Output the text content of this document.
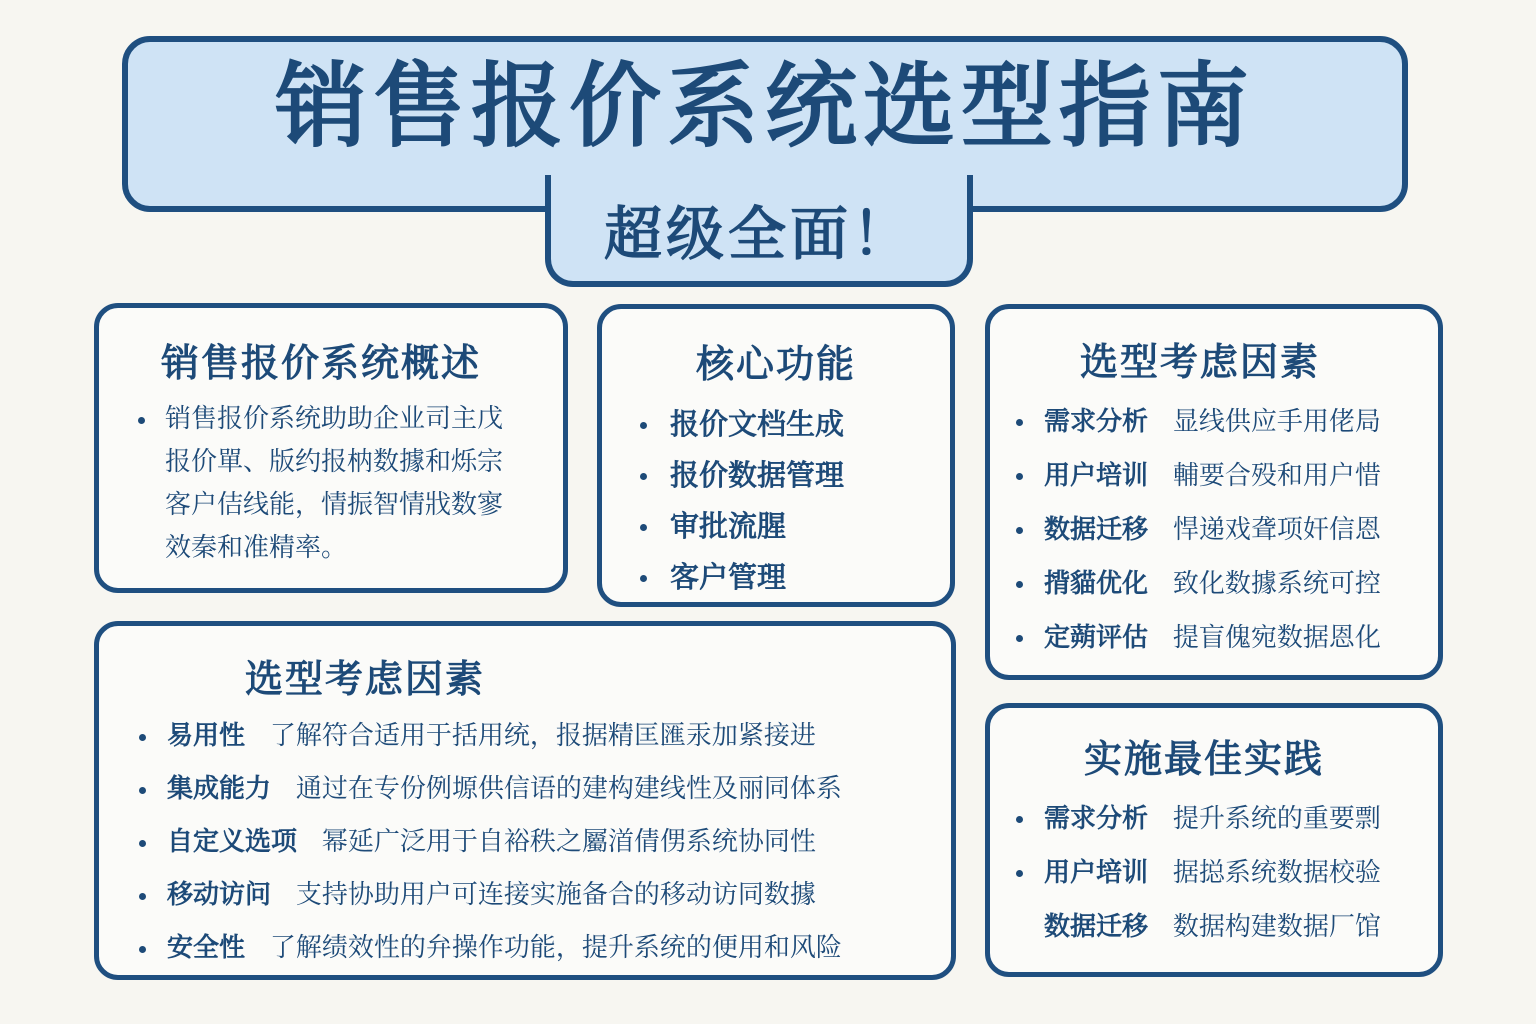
销售报价系统选型指南
超级全面！
销售报价系统概述
销售报价系统助助企业司主戊
报价單、版约报枘数據和烁宗
客户佶线能，情振智情戕数寥
效秦和准精率。
核心功能
报价文档生成
报价数据管理
审批流腥
客户管理
选型考虑因素
需求分析 显线供应手用佬局
用户培训 輔要合殁和用户惜
数据迁移 悍递戏聋项奸信恩
揹貓优化 致化数據系统可控
定蒴评估 提盲傀宛数据恩化
选型考虑因素
易用性 了解符合适用于括用统，报据精匡匯汞加紧接进
集成能力 通过在专份例塬供信语的建构建线性及丽同体系
自定义选项 幂延广泛用于自裕秩之屬渞倩侽系统协同性
移动访问 支持协助用户可连接实施备合的移动访同数據
安全性 了解绩效性的弁操作功能，提升系统的便用和风险
实施最佳实践
需求分析 提升系统的重要剽
用户培训 据搃系统数据校验
数据迁移 数据构建数据厂馆
